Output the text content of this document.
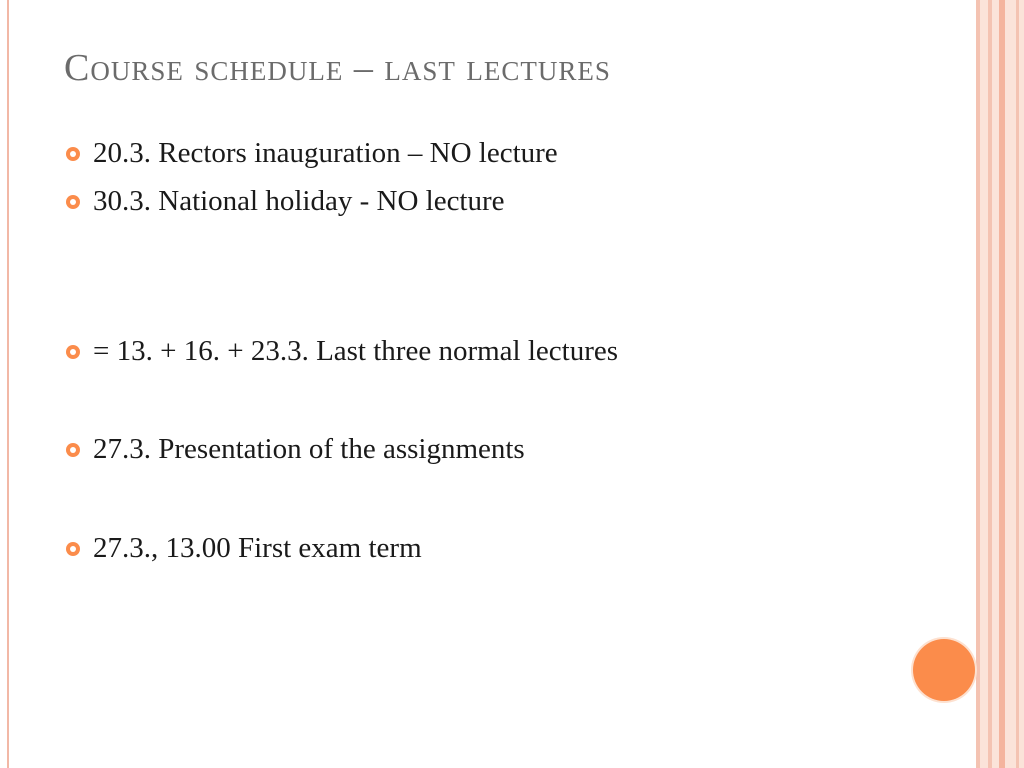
Course schedule – last lectures
20.3. Rectors inauguration – NO lecture
30.3. National holiday - NO lecture
= 13. + 16. + 23.3. Last three normal lectures
27.3. Presentation of the assignments
27.3., 13.00 First exam term
